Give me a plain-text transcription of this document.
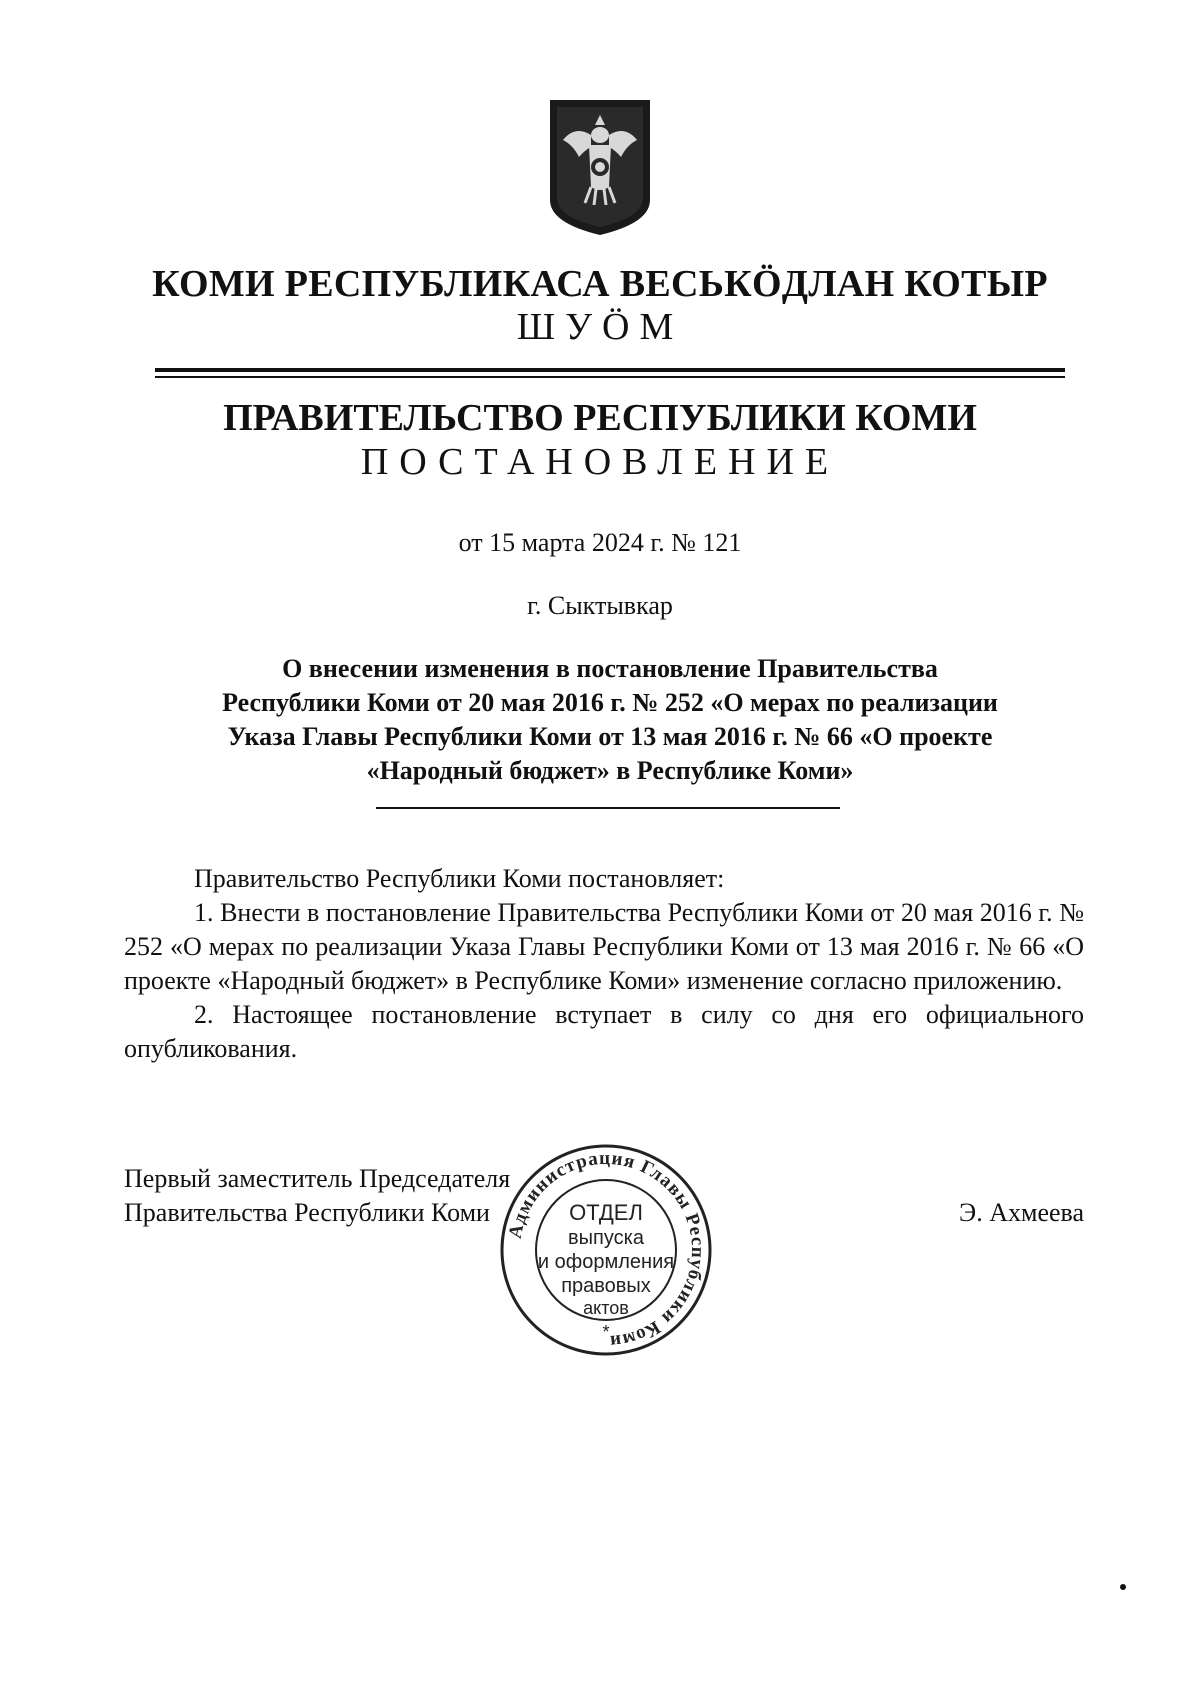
КОМИ РЕСПУБЛИКАСА ВЕСЬКӦДЛАН КОТЫР
ШУӦМ
ПРАВИТЕЛЬСТВО РЕСПУБЛИКИ КОМИ
ПОСТАНОВЛЕНИЕ
от 15 марта 2024 г. № 121
г. Сыктывкар
О внесении изменения в постановление Правительства
Республики Коми от 20 мая 2016 г. № 252 «О мерах по реализации
Указа Главы Республики Коми от 13 мая 2016 г. № 66 «О проекте
«Народный бюджет» в Республике Коми»

Правительство Республики Коми постановляет:

1. Внести в постановление Правительства Республики Коми от 20 мая 2016 г. № 252 «О мерах по реализации Указа Главы Республики Коми от 13 мая 2016 г. № 66 «О проекте «Народный бюджет» в Республике Коми» изменение согласно приложению.

2. Настоящее постановление вступает в силу со дня его официального опубликования.

Первый заместитель Председателя
Правительства Республики Коми
Администрация Главы Республики Коми
ОТДЕЛ
выпуска
и оформления
правовых
актов
*
Э. Ахмеева
